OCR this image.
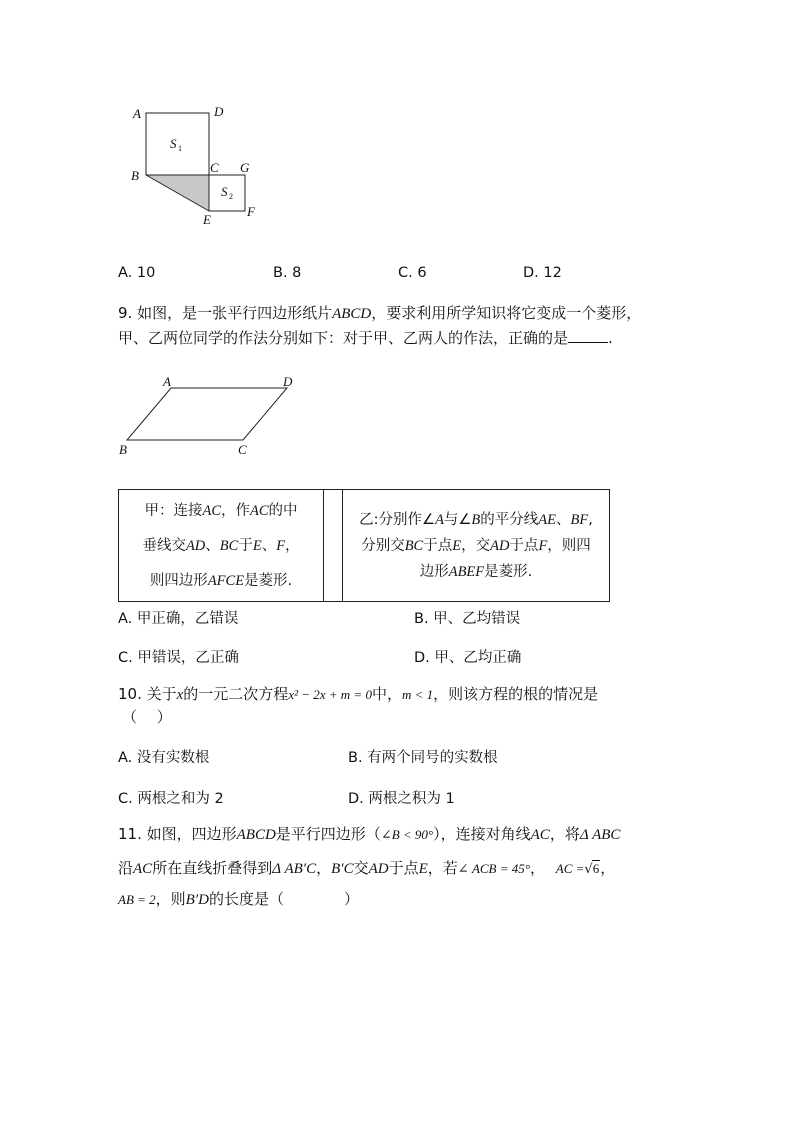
A	D
B
C G
E
F
S 1
S 2
A. 10	B. 8	C. 6	D. 12
9. 如图，是一张平行四边形纸片ABCD，要求利用所学知识将它变成一个菱形，
甲、乙两位同学的作法分别如下：对于甲、乙两人的作法，正确的是	.
A	D
B	C
甲：连接AC，作AC的中
垂线交AD、BC于E、F，
则四边形AFCE是菱形.

乙:分别作∠A与∠B的平分线AE、BF,
分别交BC于点E，交AD于点F，则四
边形ABEF是菱形.
A. 甲正确，乙错误	B. 甲、乙均错误
C. 甲错误，乙正确	D. 甲、乙均正确
10. 关于x的一元二次方程x² − 2x + m = 0中，m < 1，则该方程的根的情况是
（　 ）
A. 没有实数根	B. 有两个同号的实数根
C. 两根之和为 2	D. 两根之积为 1
11. 如图，四边形ABCD是平行四边形（∠B < 90°），连接对角线AC，将Δ ABC
沿AC所在直线折叠得到Δ AB′C，B′C交AD于点E，若∠ ACB = 45°， AC =√6，
AB = 2，则B′D的长度是（　　　　）
